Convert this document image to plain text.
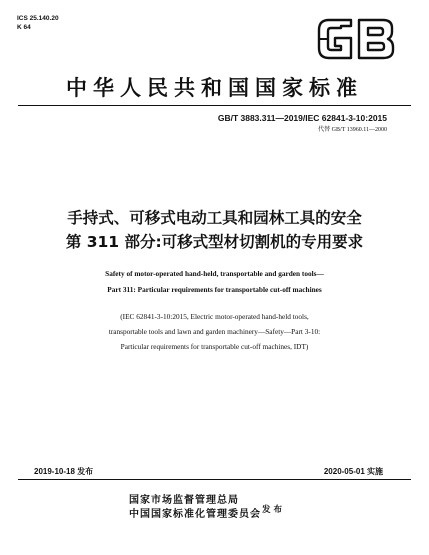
ICS 25.140.20
K 64
中华人民共和国国家标准
GB/T 3883.311—2019/IEC 62841-3-10:2015
代替 GB/T 13960.11—2000
手持式、可移式电动工具和园林工具的安全
第 311 部分:可移式型材切割机的专用要求
Safety of motor-operated hand-held, transportable and garden tools—
Part 311: Particular requirements for transportable cut-off machines
(IEC 62841-3-10:2015, Electric motor-operated hand-held tools,
transportable tools and lawn and garden machinery—Safety—Part 3-10:
Particular requirements for transportable cut-off machines, IDT)
2019-10-18 发布	2020-05-01 实施
国家市场监督管理总局
中国国家标准化管理委员会 发布
